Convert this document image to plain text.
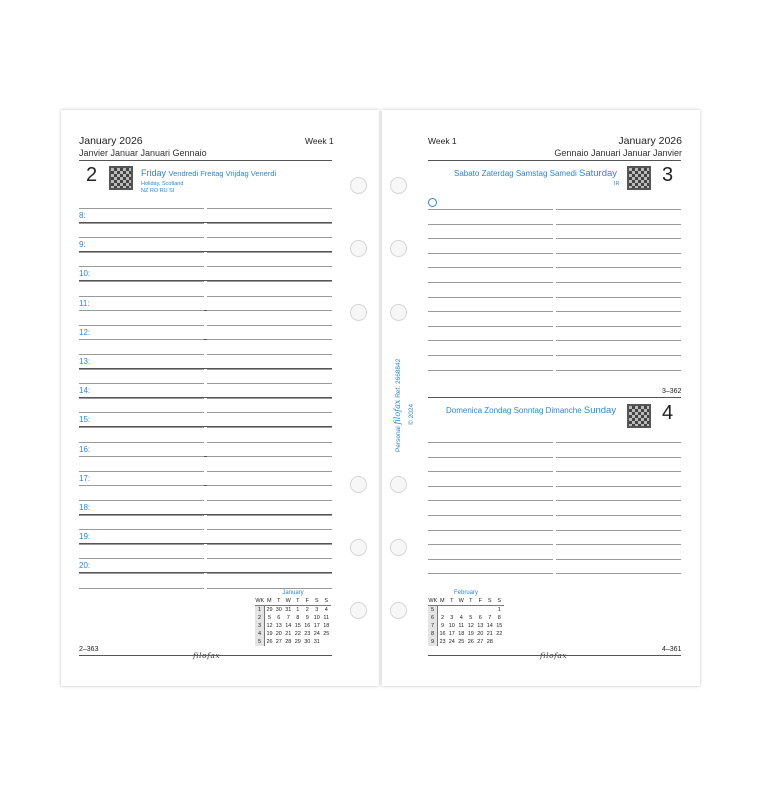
January 2026
Janvier Januar Januari Gennaio
Week 1
2	Friday Vendredi Freitag Vrijdag Venerdì
Holiday, Scotland
NZ RO RU SI
8:
9:
10:
11:
12:
13:
14:
15:
16:
17:
18:
19:
20:
2–363
filofax
January							
WK	M	T	W	T	F	S	S
1	29	30	31	1	2	3	4
2	5	6	7	8	9	10	11
3	12	13	14	15	16	17	18
4	19	20	21	22	23	24	25
5	26	27	28	29	30	31	
Week 1	January 2026
Gennaio Januari Januar Janvier
Sabato Zaterdag Samstag Samedi Saturday
IR 3
3–362
Domenica Zondag Sonntag Dimanche Sunday 4
February							
WK	M	T	W	T	F	S	S
5							1
6	2	3	4	5	6	7	8
7	9	10	11	12	13	14	15
8	16	17	18	19	20	21	22
9	23	24	25	26	27	28	
4–361
filofax
Personal filofax Ref. 2668842
© 2024
